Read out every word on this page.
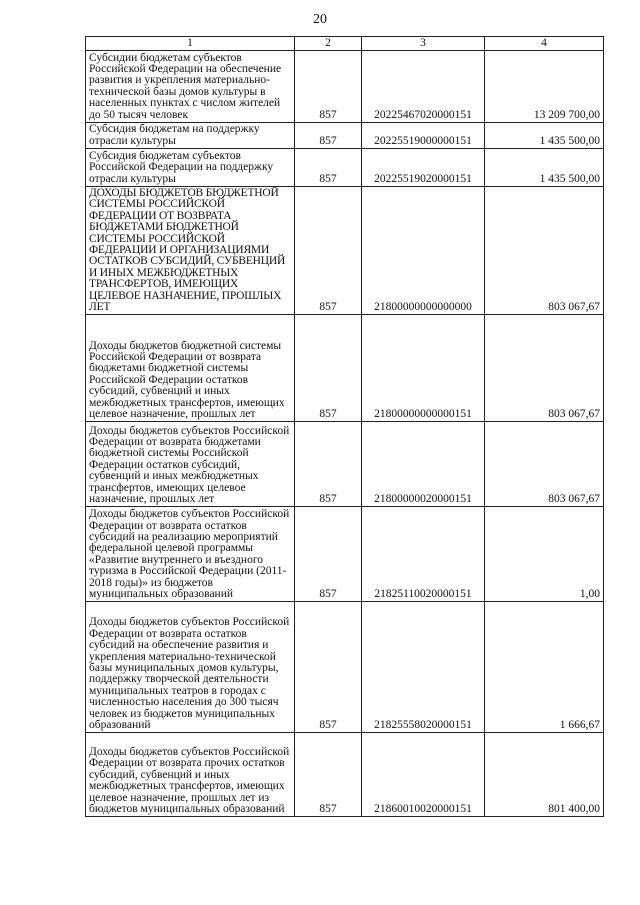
20
1	2	3	4
Субсидии бюджетам субъектов Российской Федерации на обеспечение развития и укрепления материально-технической базы домов культуры в населенных пунктах с числом жителей до 50 тысяч человек	857	20225467020000151	13 209 700,00
Субсидия бюджетам на поддержку отрасли культуры	857	20225519000000151	1 435 500,00
Субсидия бюджетам субъектов Российской Федерации на поддержку отрасли культуры	857	20225519020000151	1 435 500,00
ДОХОДЫ БЮДЖЕТОВ БЮДЖЕТНОЙ СИСТЕМЫ РОССИЙСКОЙ ФЕДЕРАЦИИ ОТ ВОЗВРАТА БЮДЖЕТАМИ БЮДЖЕТНОЙ СИСТЕМЫ РОССИЙСКОЙ ФЕДЕРАЦИИ И ОРГАНИЗАЦИЯМИ ОСТАТКОВ СУБСИДИЙ, СУБВЕНЦИЙ И ИНЫХ МЕЖБЮДЖЕТНЫХ ТРАНСФЕРТОВ, ИМЕЮЩИХ ЦЕЛЕВОЕ НАЗНАЧЕНИЕ, ПРОШЛЫХ ЛЕТ	857	21800000000000000	803 067,67
Доходы бюджетов бюджетной системы Российской Федерации от возврата бюджетами бюджетной системы Российской Федерации остатков субсидий, субвенций и иных межбюджетных трансфертов, имеющих целевое назначение, прошлых лет	857	21800000000000151	803 067,67
Доходы бюджетов субъектов Российской Федерации от возврата бюджетами бюджетной системы Российской Федерации остатков субсидий, субвенций и иных межбюджетных трансфертов, имеющих целевое назначение, прошлых лет	857	21800000020000151	803 067,67
Доходы бюджетов субъектов Российской Федерации от возврата остатков субсидий на реализацию мероприятий федеральной целевой программы «Развитие внутреннего и въездного туризма в Российской Федерации (2011-2018 годы)» из бюджетов муниципальных образований	857	21825110020000151	1,00
Доходы бюджетов субъектов Российской Федерации от возврата остатков субсидий на обеспечение развития и укрепления материально-технической базы муниципальных домов культуры, поддержку творческой деятельности муниципальных театров в городах с численностью населения до 300 тысяч человек из бюджетов муниципальных образований	857	21825558020000151	1 666,67
Доходы бюджетов субъектов Российской Федерации от возврата прочих остатков субсидий, субвенций и иных межбюджетных трансфертов, имеющих целевое назначение, прошлых лет из бюджетов муниципальных образований	857	21860010020000151	801 400,00
